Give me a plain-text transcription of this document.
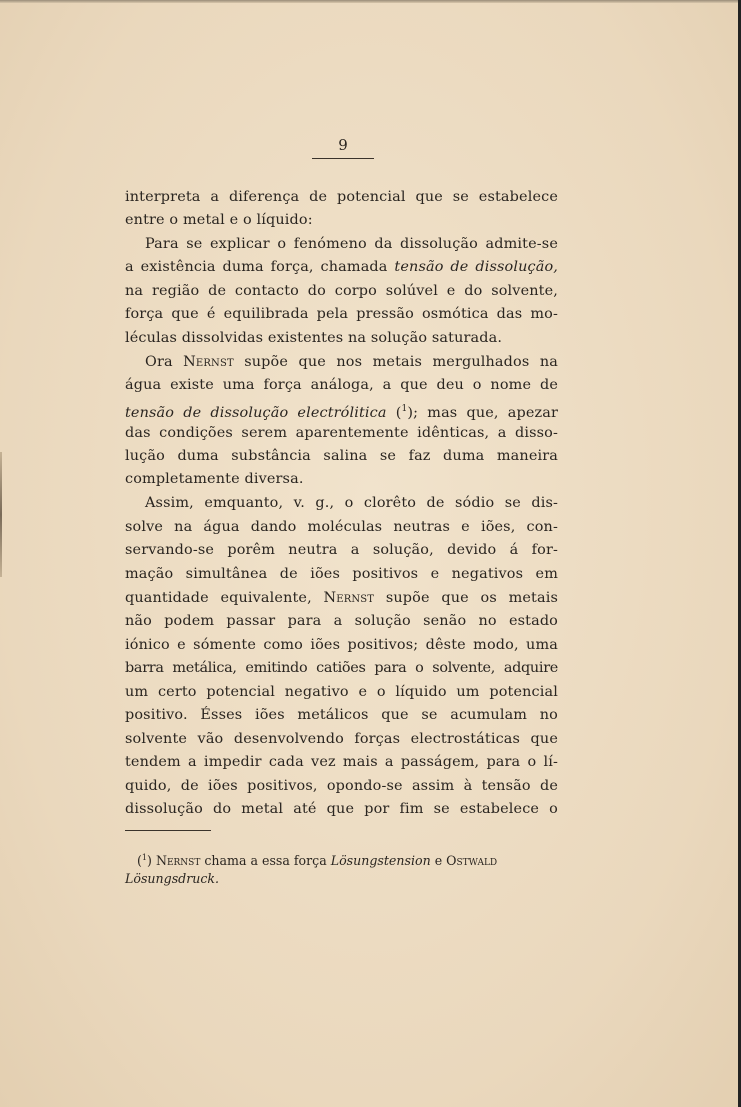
9
interpreta a diferença de potencial que se estabelece
entre o metal e o líquido:
Para se explicar o fenómeno da dissolução admite-se
a existência duma força, chamada tensão de dissolução,
na região de contacto do corpo solúvel e do solvente,
força que é equilibrada pela pressão osmótica das mo-
léculas dissolvidas existentes na solução saturada.
Ora Nernst supõe que nos metais mergulhados na
água existe uma força análoga, a que deu o nome de
tensão de dissolução electrólitica ($^1$); mas que, apezar
das condições serem aparentemente idênticas, a disso-
lução duma substância salina se faz duma maneira
completamente diversa.
Assim, emquanto, v. g., o clorêto de sódio se dis-
solve na água dando moléculas neutras e iões, con-
servando-se porêm neutra a solução, devido á for-
mação simultânea de iões positivos e negativos em
quantidade equivalente, Nernst supõe que os metais
não podem passar para a solução senão no estado
iónico e sómente como iões positivos; dêste modo, uma
barra metálica, emitindo catiões para o solvente, adquire
um certo potencial negativo e o líquido um potencial
positivo. Ésses iões metálicos que se acumulam no
solvente vão desenvolvendo forças electrostáticas que
tendem a impedir cada vez mais a passágem, para o lí-
quido, de iões positivos, opondo-se assim à tensão de
dissolução do metal até que por fim se estabelece o
($^1$) Nernst chama a essa força Lösungstension e Ostwald
Lösungsdruck.
